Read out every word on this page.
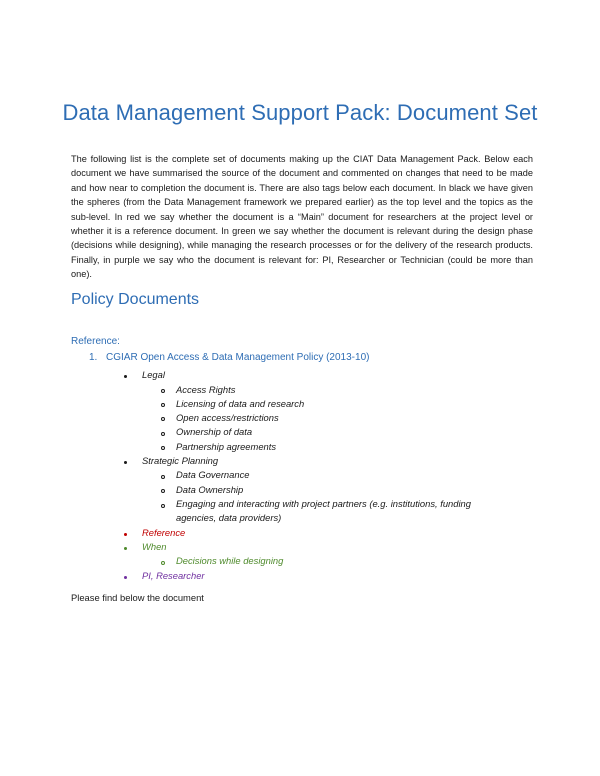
Data Management Support Pack: Document Set

The following list is the complete set of documents making up the CIAT Data Management Pack. Below each document we have summarised the source of the document and commented on changes that need to be made and how near to completion the document is. There are also tags below each document. In black we have given the spheres (from the Data Management framework we prepared earlier) as the top level and the topics as the sub-level. In red we say whether the document is a “Main” document for researchers at the project level or whether it is a reference document. In green we say whether the document is relevant during the design phase (decisions while designing), while managing the research processes or for the delivery of the research products. Finally, in purple we say who the document is relevant for: PI, Researcher or Technician (could be more than one).

Policy Documents
Reference:
1. CGIAR Open Access & Data Management Policy (2013-10)
Legal
Access Rights
Licensing of data and research
Open access/restrictions
Ownership of data
Partnership agreements
Strategic Planning
Data Governance
Data Ownership
Engaging and interacting with project partners (e.g. institutions, funding
agencies, data providers)
Reference
When
Decisions while designing
PI, Researcher
Please find below the document
